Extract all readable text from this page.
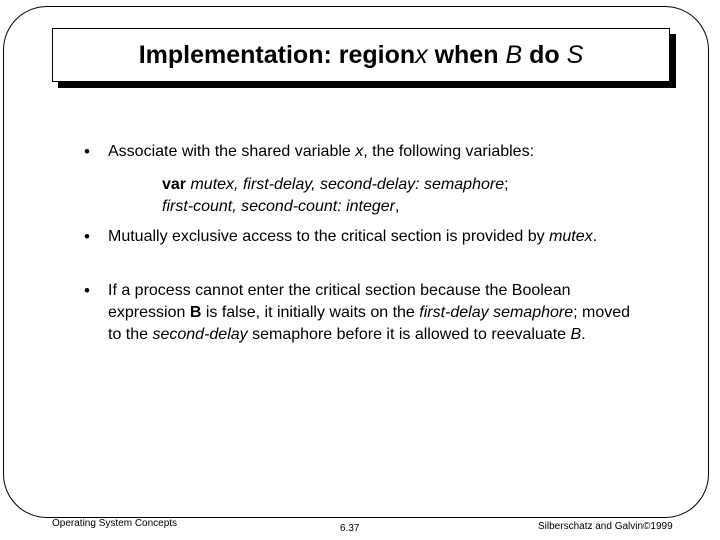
Implementation: region x when B do S
• Associate with the shared variable x, the following variables:
var mutex, first-delay, second-delay: semaphore;
first-count, second-count: integer,
• Mutually exclusive access to the critical section is provided by mutex.
• If a process cannot enter the critical section because the Boolean expression B is false, it initially waits on the first-delay semaphore; moved to the second-delay semaphore before it is allowed to reevaluate B.
Operating System Concepts	6.37	Silberschatz and Galvin©1999
